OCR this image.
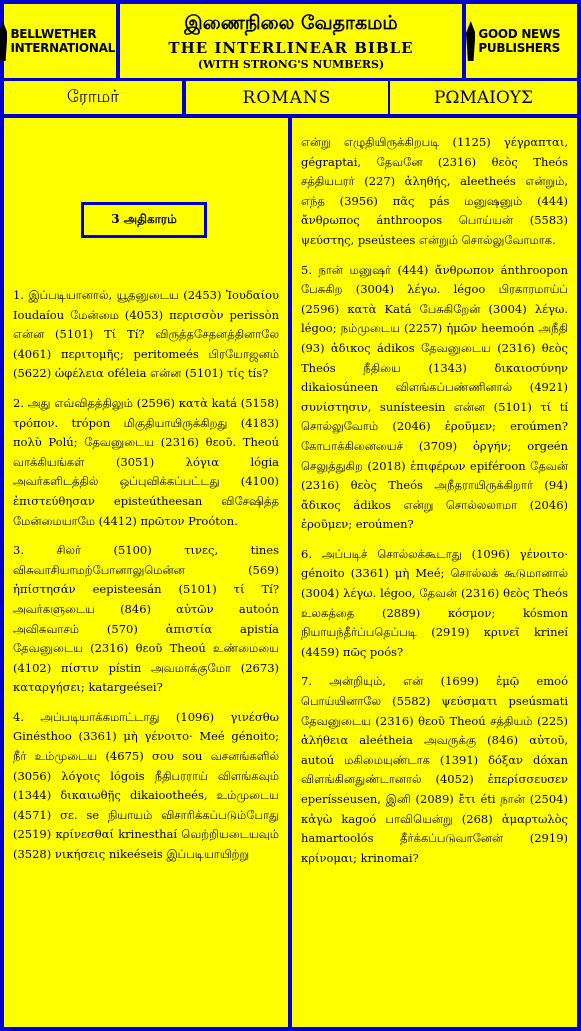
BELLWETHER INTERNATIONAL
இணைநிலை வேதாகமம்
THE INTERLINEAR BIBLE
(WITH STRONG'S NUMBERS)
GOOD NEWS PUBLISHERS
ரோமர்	ROMANS	ΡΩΜΑΙΟΥΣ
3 அதிகாரம்

1. இப்படியானால், யூதனுடைய (2453) Ἰουδαίου Ioudaíou மேன்மை (4053) περισσὸν perissòn என்ன (5101) Τί Tí? விருத்தசேதனத்தினாலே (4061) περιτομῆς; peritomeés பிரயோஜனம் (5622) ὠφέλεια oféleia என்ன (5101) τίς tís?

2. அது எவ்விதத்திலும் (2596) κατὰ katá (5158) τρόπον. trópon மிகுதியாயிருக்கிறது (4183) πολὺ Polú; தேவனுடைய (2316) θεοῦ. Theoú வாக்கியங்கள் (3051) λόγια lógia அவர்களிடத்தில் ஒப்புவிக்கப்பட்டது (4100) ἐπιστεύθησαν episteútheesan விசேஷித்த மேன்மையாமே (4412) πρῶτον Proóton.

3. சிலர் (5100) τινες, tines விசுவாசியாமற்போனாலுமென்ன (569) ἠπίστησάν eepisteesán (5101) τί Tí? அவர்களுடைய (846) αὐτῶν autoón அவிசுவாசம் (570) ἀπιστία apistía தேவனுடைய (2316) θεοῦ Theoú உண்மையை (4102) πίστιν pístin அவமாக்குமோ (2673) καταργήσει; katargeései?

4. அப்படியாக்கமாட்டாது (1096) γινέσθω Ginésthoo (3361) μὴ γένοιτο· Meé génoito; நீர் உம்முடைய (4675) σου sou வசனங்களில் (3056) λόγοις lógois நீதிபரராய் விளங்கவும் (1344) δικαιωθῇς dikaiootheés, உம்முடைய (4571) σε. se நியாயம் விசாரிக்கப்படும்போது (2519) κρίνεσθαί krinesthaí வெற்றியடையவும் (3528) νικήσεις nikeéseis இப்படியாயிற்று

என்று எழுதியிருக்கிறபடி (1125) γέγραπται, gégraptai, தேவனே (2316) θεὸς Theós சத்தியபரர் (227) ἀληθής, aleetheés என்றும், எந்த (3956) πᾶς pás மனுஷனும் (444) ἄνθρωπος ánthroopos பொய்யன் (5583) ψεύστης, pseústees என்றும் சொல்லுவோமாக.

5. நான் மனுஷர் (444) ἄνθρωπον ánthroopon பேசுகிற (3004) λέγω. légoo பிரகாரமாய்ப் (2596) κατὰ Katá பேசுகிறேன் (3004) λέγω. légoo; நம்முடைய (2257) ἡμῶν heemoón அநீதி (93) ἀδικος ádikos தேவனுடைய (2316) θεὸς Theós நீதியை (1343) δικαιοσύνην dikaiosúneen விளங்கப்பண்ணினால் (4921) συνίστησιν, sunísteesin என்ன (5101) τί tí சொல்லுவோம் (2046) ἐροῦμεν; eroúmen? கோபாக்கினையைச் (3709) ὀργήν; orgeén செலுத்துகிற (2018) ἐπιφέρων epiféroon தேவன் (2316) θεὸς Theós அநீதராயிருக்கிறார் (94) ἄδικος ádikos என்று சொல்லலாமா (2046) ἐροῦμεν; eroúmen?

6. அப்படிச் சொல்லக்கூடாது (1096) γένοιτο· génoito (3361) μὴ Meé; சொல்லக் கூடுமானால் (3004) λέγω. légoo, தேவன் (2316) θεὸς Theós உலகத்தை (2889) κόσμον; kósmon நியாயந்தீர்ப்பதெப்படி (2919) κρινεῖ krineí (4459) πῶς poós?

7. அன்றியும், என் (1699) ἐμῷ emoó பொய்யினாலே (5582) ψεύσματι pseúsmati தேவனுடைய (2316) θεοῦ Theoú சத்தியம் (225) ἀλήθεια aleétheia அவருக்கு (846) αὐτοῦ, autoú மகிமையுண்டாக (1391) δόξαν dóxan விளங்கினதுண்டானால் (4052) ἐπερίσσευσεν eperísseusen, இனி (2089) ἔτι éti நான் (2504) κἀγὼ kagoó பாவியென்று (268) ἁμαρτωλὸς hamartoolós தீர்க்கப்படுவானேன் (2919) κρίνομαι; krinomai?
